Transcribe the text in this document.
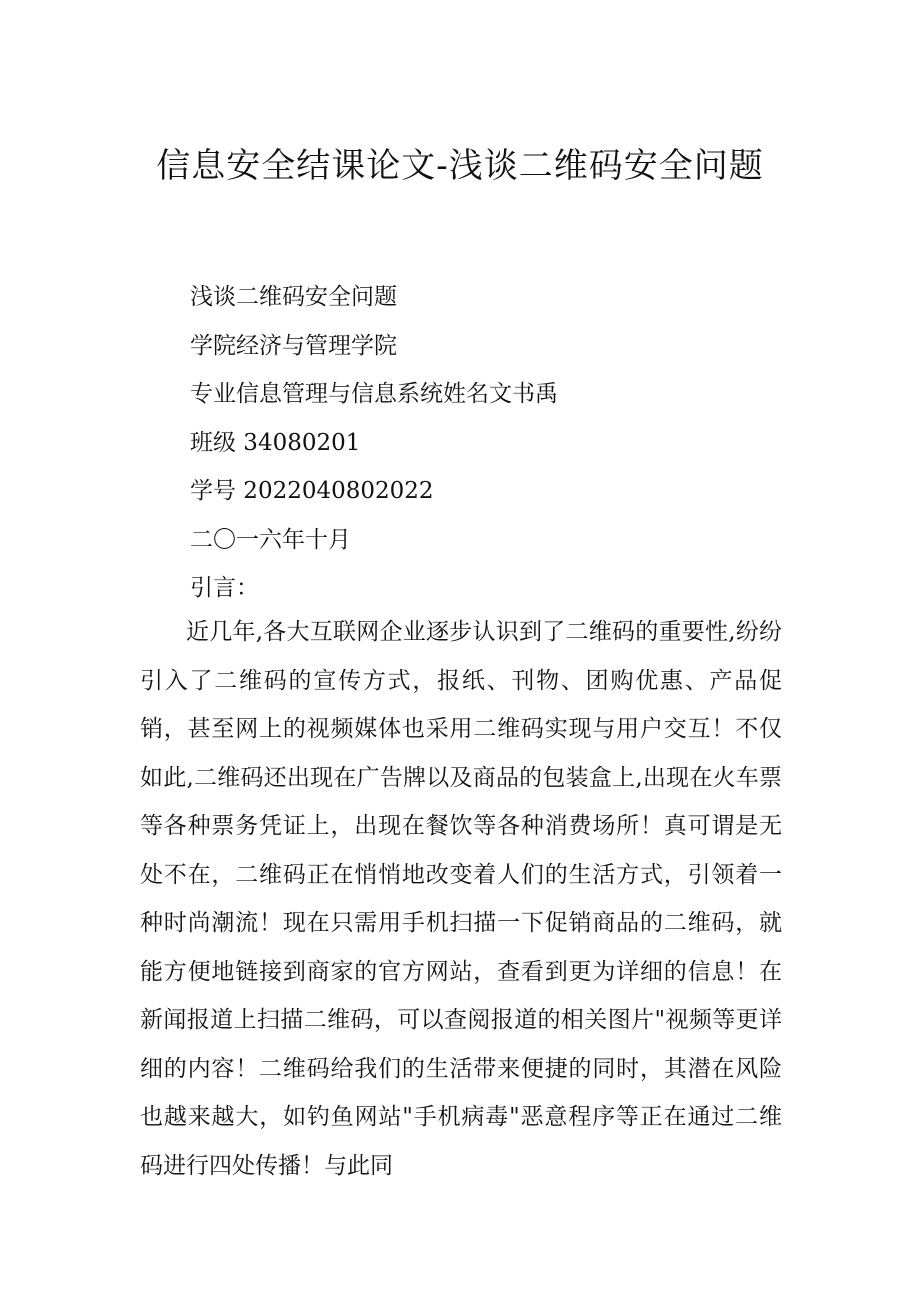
信息安全结课论文-浅谈二维码安全问题
浅谈二维码安全问题
学院经济与管理学院
专业信息管理与信息系统姓名文书禹
班级 34080201
学号 2022040802022
二〇一六年十月
引言：

近几年,各大互联网企业逐步认识到了二维码的重要性,纷纷引入了二维码的宣传方式，报纸、刊物、团购优惠、产品促销，甚至网上的视频媒体也采用二维码实现与用户交互！不仅如此,二维码还出现在广告牌以及商品的包装盒上,出现在火车票等各种票务凭证上，出现在餐饮等各种消费场所！真可谓是无处不在，二维码正在悄悄地改变着人们的生活方式，引领着一种时尚潮流！现在只需用手机扫描一下促销商品的二维码，就能方便地链接到商家的官方网站，查看到更为详细的信息！在新闻报道上扫描二维码，可以查阅报道的相关图片"视频等更详细的内容！二维码给我们的生活带来便捷的同时，其潜在风险也越来越大，如钓鱼网站"手机病毒"恶意程序等正在通过二维码进行四处传播！与此同
